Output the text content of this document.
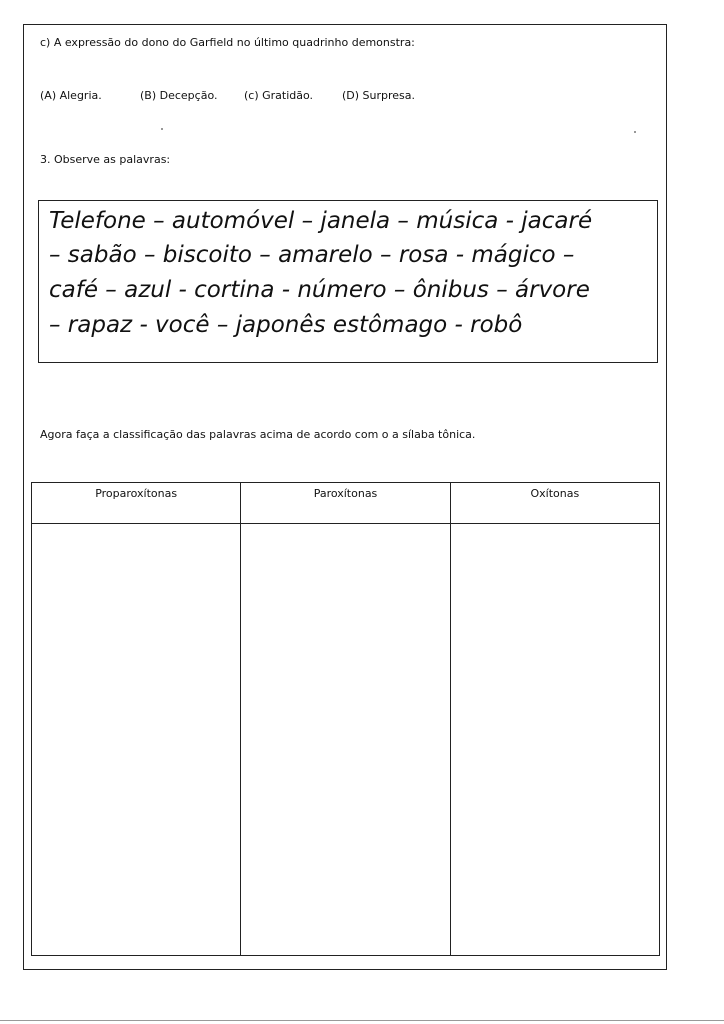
c) A expressão do dono do Garfield no último quadrinho demonstra:
(A) Alegria.	(B) Decepção. (c) Gratidão.	(D) Surpresa.
3. Observe as palavras:
Telefone – automóvel – janela – música - jacaré
– sabão – biscoito – amarelo – rosa - mágico –
café – azul - cortina - número – ônibus – árvore
– rapaz - você – japonês estômago - robô
Agora faça a classificação das palavras acima de acordo com o a sílaba tônica.
Proparoxítonas	Paroxítonas	Oxítonas
